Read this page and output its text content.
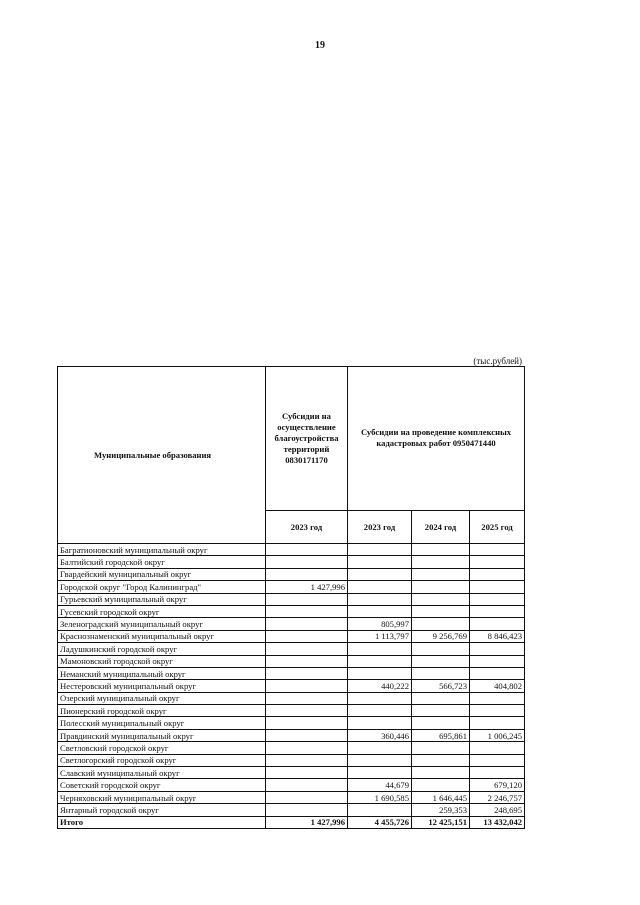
19
(тыс.рублей)
Муниципальные образования	Субсидии на осуществление благоустройства территорий 0830171170	Субсидии на проведение комплексных кадастровых работ 0950471440		
	2023 год	2023 год	2024 год	2025 год
Багратионовский муниципальный округ				
Балтийский городской округ				
Гвардейский муниципальный округ				
Городской округ "Город Калининград"	1 427,996			
Гурьевский муниципальный округ				
Гусевский городской округ				
Зеленоградский муниципальный округ		805,997		
Краснознаменский муниципальный округ		1 113,797	9 256,769	8 846,423
Ладушкинский городской округ				
Мамоновский городской округ				
Неманский муниципальный округ				
Нестеровский муниципальный округ		440,222	566,723	404,802
Озерский муниципальный округ				
Пионерский городской округ				
Полесский муниципальный округ				
Правдинский муниципальный округ		360,446	695,861	1 006,245
Светловский городской округ				
Светлогорский городской округ				
Славский муниципальный округ				
Советский городской округ		44,679		679,120
Черняховский муниципальный округ		1 690,585	1 646,445	2 246,757
Янтарный городской округ			259,353	248,695
Итого	1 427,996	4 455,726	12 425,151	13 432,042
